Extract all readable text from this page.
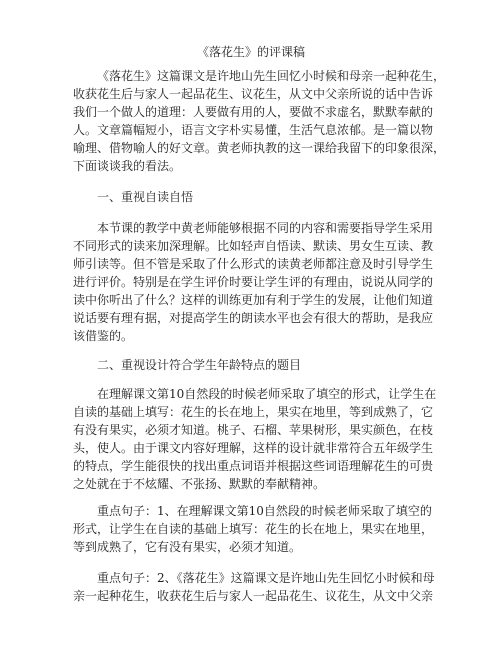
《落花生》的评课稿
《落花生》这篇课文是许地山先生回忆小时候和母亲一起种花生，
收获花生后与家人一起品花生、议花生，从文中父亲所说的话中告诉
我们一个做人的道理：人要做有用的人，要做不求虚名，默默奉献的
人。文章篇幅短小，语言文字朴实易懂，生活气息浓郁。是一篇以物
喻理、借物喻人的好文章。黄老师执教的这一课给我留下的印象很深，
下面谈谈我的看法。
一、重视自读自悟
本节课的教学中黄老师能够根据不同的内容和需要指导学生采用
不同形式的读来加深理解。比如轻声自悟读、默读、男女生互读、教
师引读等。但不管是采取了什么形式的读黄老师都注意及时引导学生
进行评价。特别是在学生评价时要让学生评的有理由，说说从同学的
读中你听出了什么？这样的训练更加有利于学生的发展，让他们知道
说话要有理有据，对提高学生的朗读水平也会有很大的帮助，是我应
该借鉴的。
二、重视设计符合学生年龄特点的题目
在理解课文第10自然段的时候老师采取了填空的形式，让学生在
自读的基础上填写：花生的长在地上，果实在地里，等到成熟了，它
有没有果实，必须才知道。桃子、石榴、苹果树形，果实颜色，在枝
头，使人。由于课文内容好理解，这样的设计就非常符合五年级学生
的特点，学生能很快的找出重点词语并根据这些词语理解花生的可贵
之处就在于不炫耀、不张扬、默默的奉献精神。
重点句子：1、在理解课文第10自然段的时候老师采取了填空的
形式，让学生在自读的基础上填写：花生的长在地上，果实在地里，
等到成熟了，它有没有果实，必须才知道。
重点句子：2、《落花生》这篇课文是许地山先生回忆小时候和母
亲一起种花生，收获花生后与家人一起品花生、议花生，从文中父亲
